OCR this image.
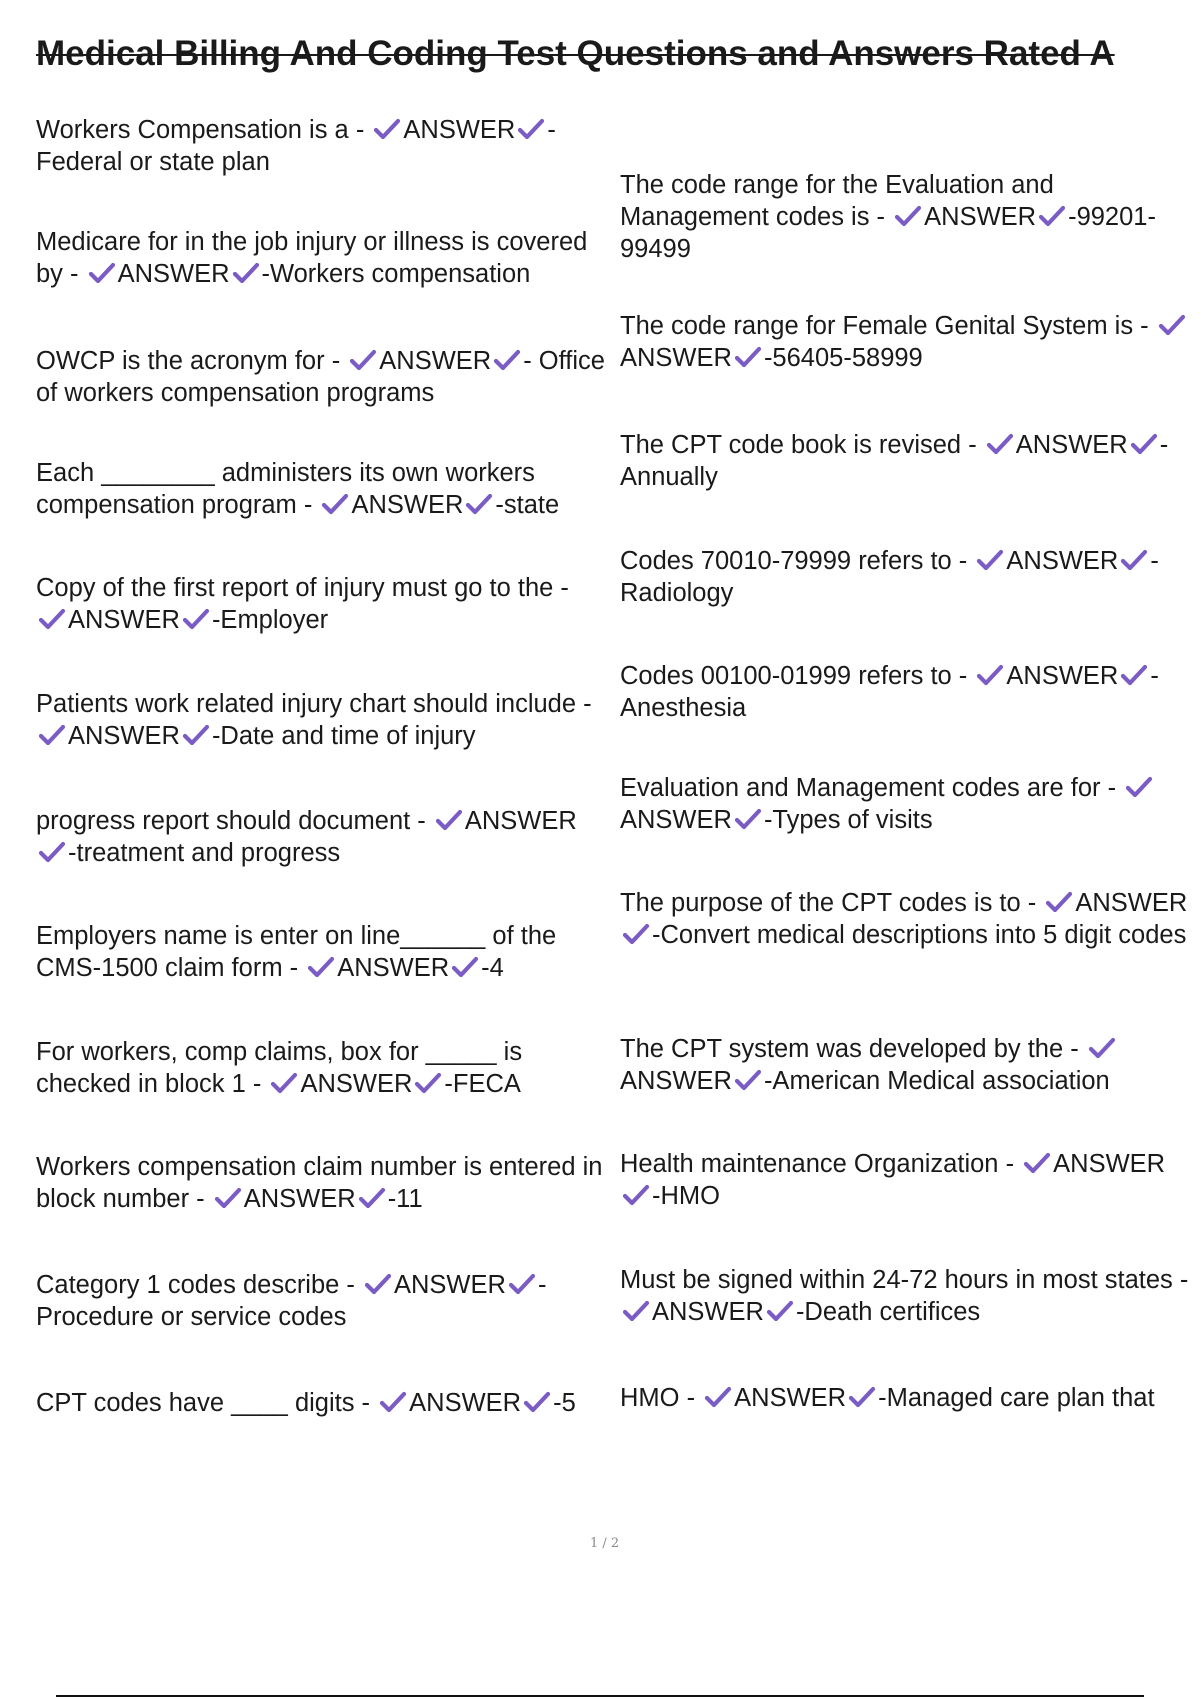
Medical Billing And Coding Test Questions and Answers Rated A

Workers Compensation is a -
ANSWER - Federal or state plan

Medicare for in the job injury or illness is covered by -
ANSWER -Workers compensation

OWCP is the acronym for -
ANSWER - Office of workers compensation programs

Each ________ administers its own workers compensation program -
ANSWER -state

Copy of the first report of injury must go to the -
ANSWER -Employer

Patients work related injury chart should include -
ANSWER -Date and time of injury

progress report should document -
ANSWER
-treatment and progress

Employers name is enter on line______ of the CMS-1500 claim form -
ANSWER -4

For workers, comp claims, box for _____ is checked in block 1 -
ANSWER -FECA

Workers compensation claim number is entered in block number -
ANSWER -11

Category 1 codes describe -
ANSWER - Procedure or service codes

CPT codes have ____ digits -
ANSWER -5

The code range for the Evaluation and Management codes is -
ANSWER -99201-99499

The code range for Female Genital System is -
ANSWER -56405-58999

The CPT code book is revised -
ANSWER - Annually

Codes 70010-79999 refers to -
ANSWER - Radiology

Codes 00100-01999 refers to -
ANSWER - Anesthesia

Evaluation and Management codes are for -
ANSWER -Types of visits

The purpose of the CPT codes is to -
ANSWER
-Convert medical descriptions into 5 digit codes

The CPT system was developed by the -
ANSWER -American Medical association

Health maintenance Organization -
ANSWER
-HMO

Must be signed within 24-72 hours in most states -
ANSWER -Death certifices

HMO -
ANSWER -Managed care plan that

1 / 2
